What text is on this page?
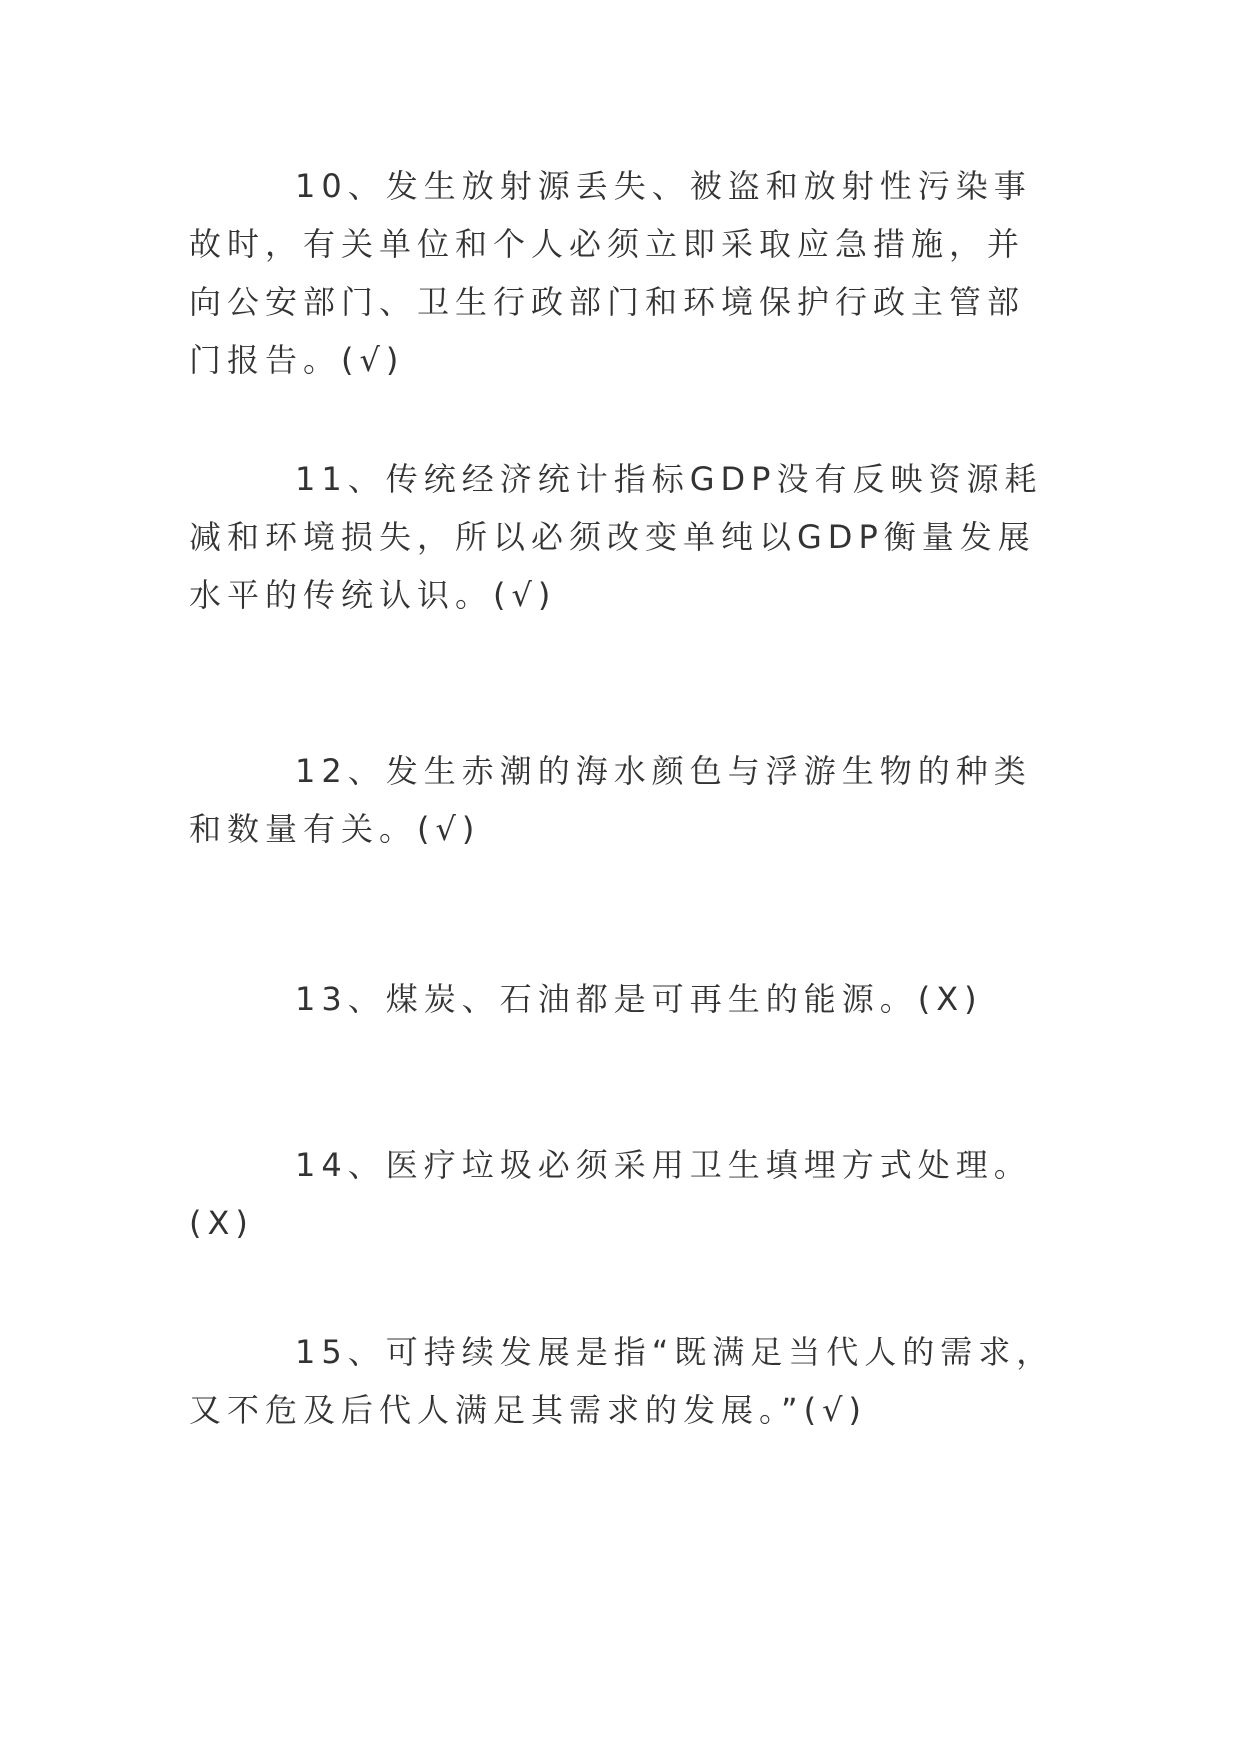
10、发生放射源丢失、被盗和放射性污染事故时，有关单位和个人必须立即采取应急措施，并向公安部门、卫生行政部门和环境保护行政主管部门报告。(√)

11、传统经济统计指标GDP没有反映资源耗减和环境损失，所以必须改变单纯以GDP衡量发展水平的传统认识。(√)

12、发生赤潮的海水颜色与浮游生物的种类和数量有关。(√)

13、煤炭、石油都是可再生的能源。(X)

14、医疗垃圾必须采用卫生填埋方式处理。(X)

15、可持续发展是指“既满足当代人的需求，又不危及后代人满足其需求的发展。”(√)
